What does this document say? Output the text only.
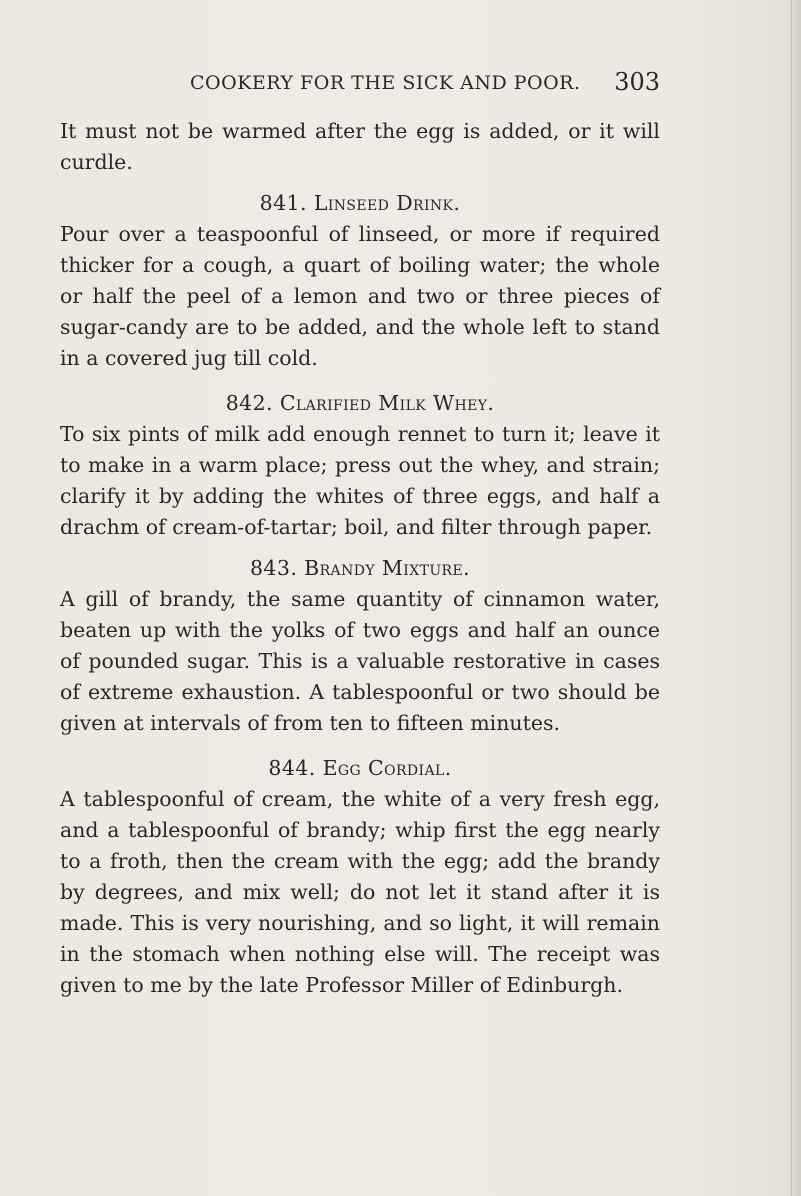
COOKERY FOR THE SICK AND POOR. 303

It must not be warmed after the egg is added, or it will curdle.

841. Linseed Drink.

Pour over a teaspoonful of linseed, or more if required thicker for a cough, a quart of boiling water; the whole or half the peel of a lemon and two or three pieces of sugar-candy are to be added, and the whole left to stand in a covered jug till cold.

842. Clarified Milk Whey.

To six pints of milk add enough rennet to turn it; leave it to make in a warm place; press out the whey, and strain; clarify it by adding the whites of three eggs, and half a drachm of cream-of-tartar; boil, and filter through paper.

843. Brandy Mixture.

A gill of brandy, the same quantity of cinnamon water, beaten up with the yolks of two eggs and half an ounce of pounded sugar. This is a valuable restorative in cases of extreme exhaustion. A tablespoonful or two should be given at intervals of from ten to fifteen minutes.

844. Egg Cordial.

A tablespoonful of cream, the white of a very fresh egg, and a tablespoonful of brandy; whip first the egg nearly to a froth, then the cream with the egg; add the brandy by degrees, and mix well; do not let it stand after it is made. This is very nourishing, and so light, it will remain in the stomach when nothing else will. The receipt was given to me by the late Professor Miller of Edinburgh.
